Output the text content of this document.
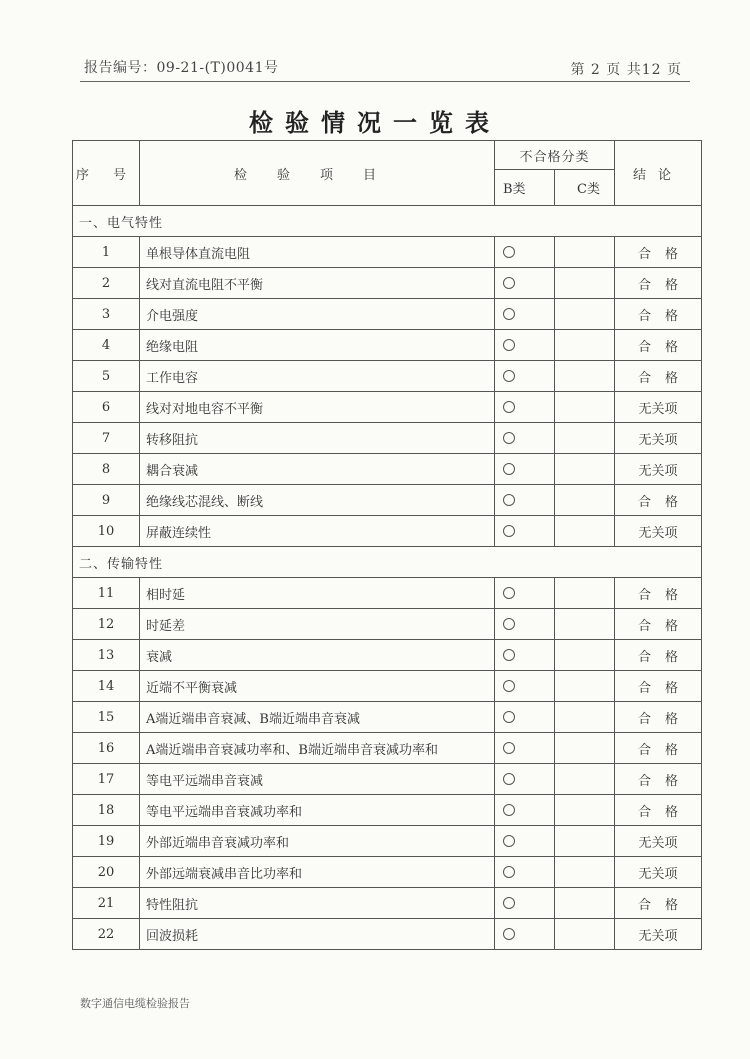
报告编号：09-21-(T)0041号	第 2 页 共12 页
检验情况一览表
序 号	检验项目	不合格分类		结论
		B类	C类	
一、电气特性				
1	单根导体直流电阻			合格
2	线对直流电阻不平衡			合格
3	介电强度			合格
4	绝缘电阻			合格
5	工作电容			合格
6	线对对地电容不平衡			无关项
7	转移阻抗			无关项
8	耦合衰减			无关项
9	绝缘线芯混线、断线			合格
10	屏蔽连续性			无关项
二、传输特性				
11	相时延			合格
12	时延差			合格
13	衰减			合格
14	近端不平衡衰减			合格
15	A端近端串音衰减、B端近端串音衰减			合格
16	A端近端串音衰减功率和、B端近端串音衰减功率和			合格
17	等电平远端串音衰减			合格
18	等电平远端串音衰减功率和			合格
19	外部近端串音衰减功率和			无关项
20	外部远端衰减串音比功率和			无关项
21	特性阻抗			合格
22	回波损耗			无关项
数字通信电缆检验报告
